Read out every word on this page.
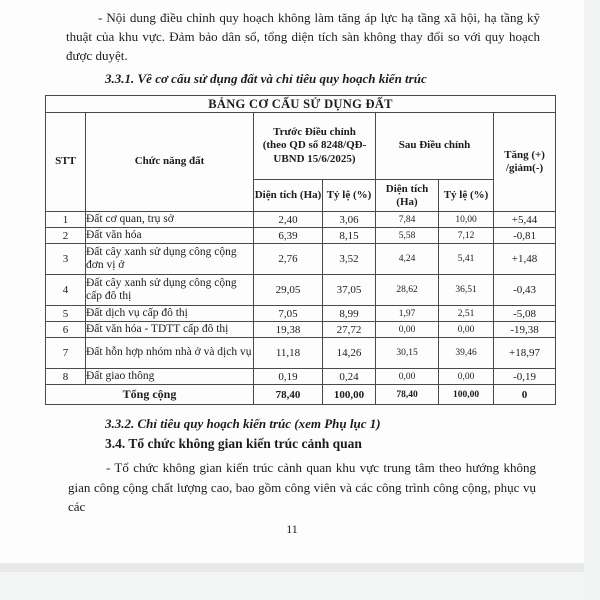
- Nội dung điều chỉnh quy hoạch không làm tăng áp lực hạ tầng xã hội, hạ tầng kỹ thuật của khu vực. Đảm bảo dân số, tổng diện tích sàn không thay đổi so với quy hoạch được duyệt.

3.3.1. Về cơ cấu sử dụng đất và chỉ tiêu quy hoạch kiến trúc
BẢNG CƠ CẤU SỬ DỤNG ĐẤT						
STT	Chức năng đất	Trước Điều chỉnh (theo QD số 8248/QĐ-UBND 15/6/2025)		Sau Điều chỉnh		Tăng (+) /giảm(-)
		Diện tích (Ha)	Tỷ lệ (%)	Diện tích (Ha)	Tỷ lệ (%)	
1	Đất cơ quan, trụ sở	2,40	3,06	7,84	10,00	+5,44
2	Đất văn hóa	6,39	8,15	5,58	7,12	-0,81
3	Đất cây xanh sử dụng công cộng đơn vị ở	2,76	3,52	4,24	5,41	+1,48
4	Đất cây xanh sử dụng công cộng cấp đô thị	29,05	37,05	28,62	36,51	-0,43
5	Đất dịch vụ cấp đô thị	7,05	8,99	1,97	2,51	-5,08
6	Đất văn hóa - TDTT cấp đô thị	19,38	27,72	0,00	0,00	-19,38
7	Đất hỗn hợp nhóm nhà ở và dịch vụ	11,18	14,26	30,15	39,46	+18,97
8	Đất giao thông	0,19	0,24	0,00	0,00	-0,19
Tổng cộng		78,40	100,00	78,40	100,00	0
3.3.2. Chỉ tiêu quy hoạch kiến trúc (xem Phụ lục 1)
3.4. Tổ chức không gian kiến trúc cảnh quan

- Tổ chức không gian kiến trúc cảnh quan khu vực trung tâm theo hướng không gian công cộng chất lượng cao, bao gồm công viên và các công trình công cộng, phục vụ các

11
